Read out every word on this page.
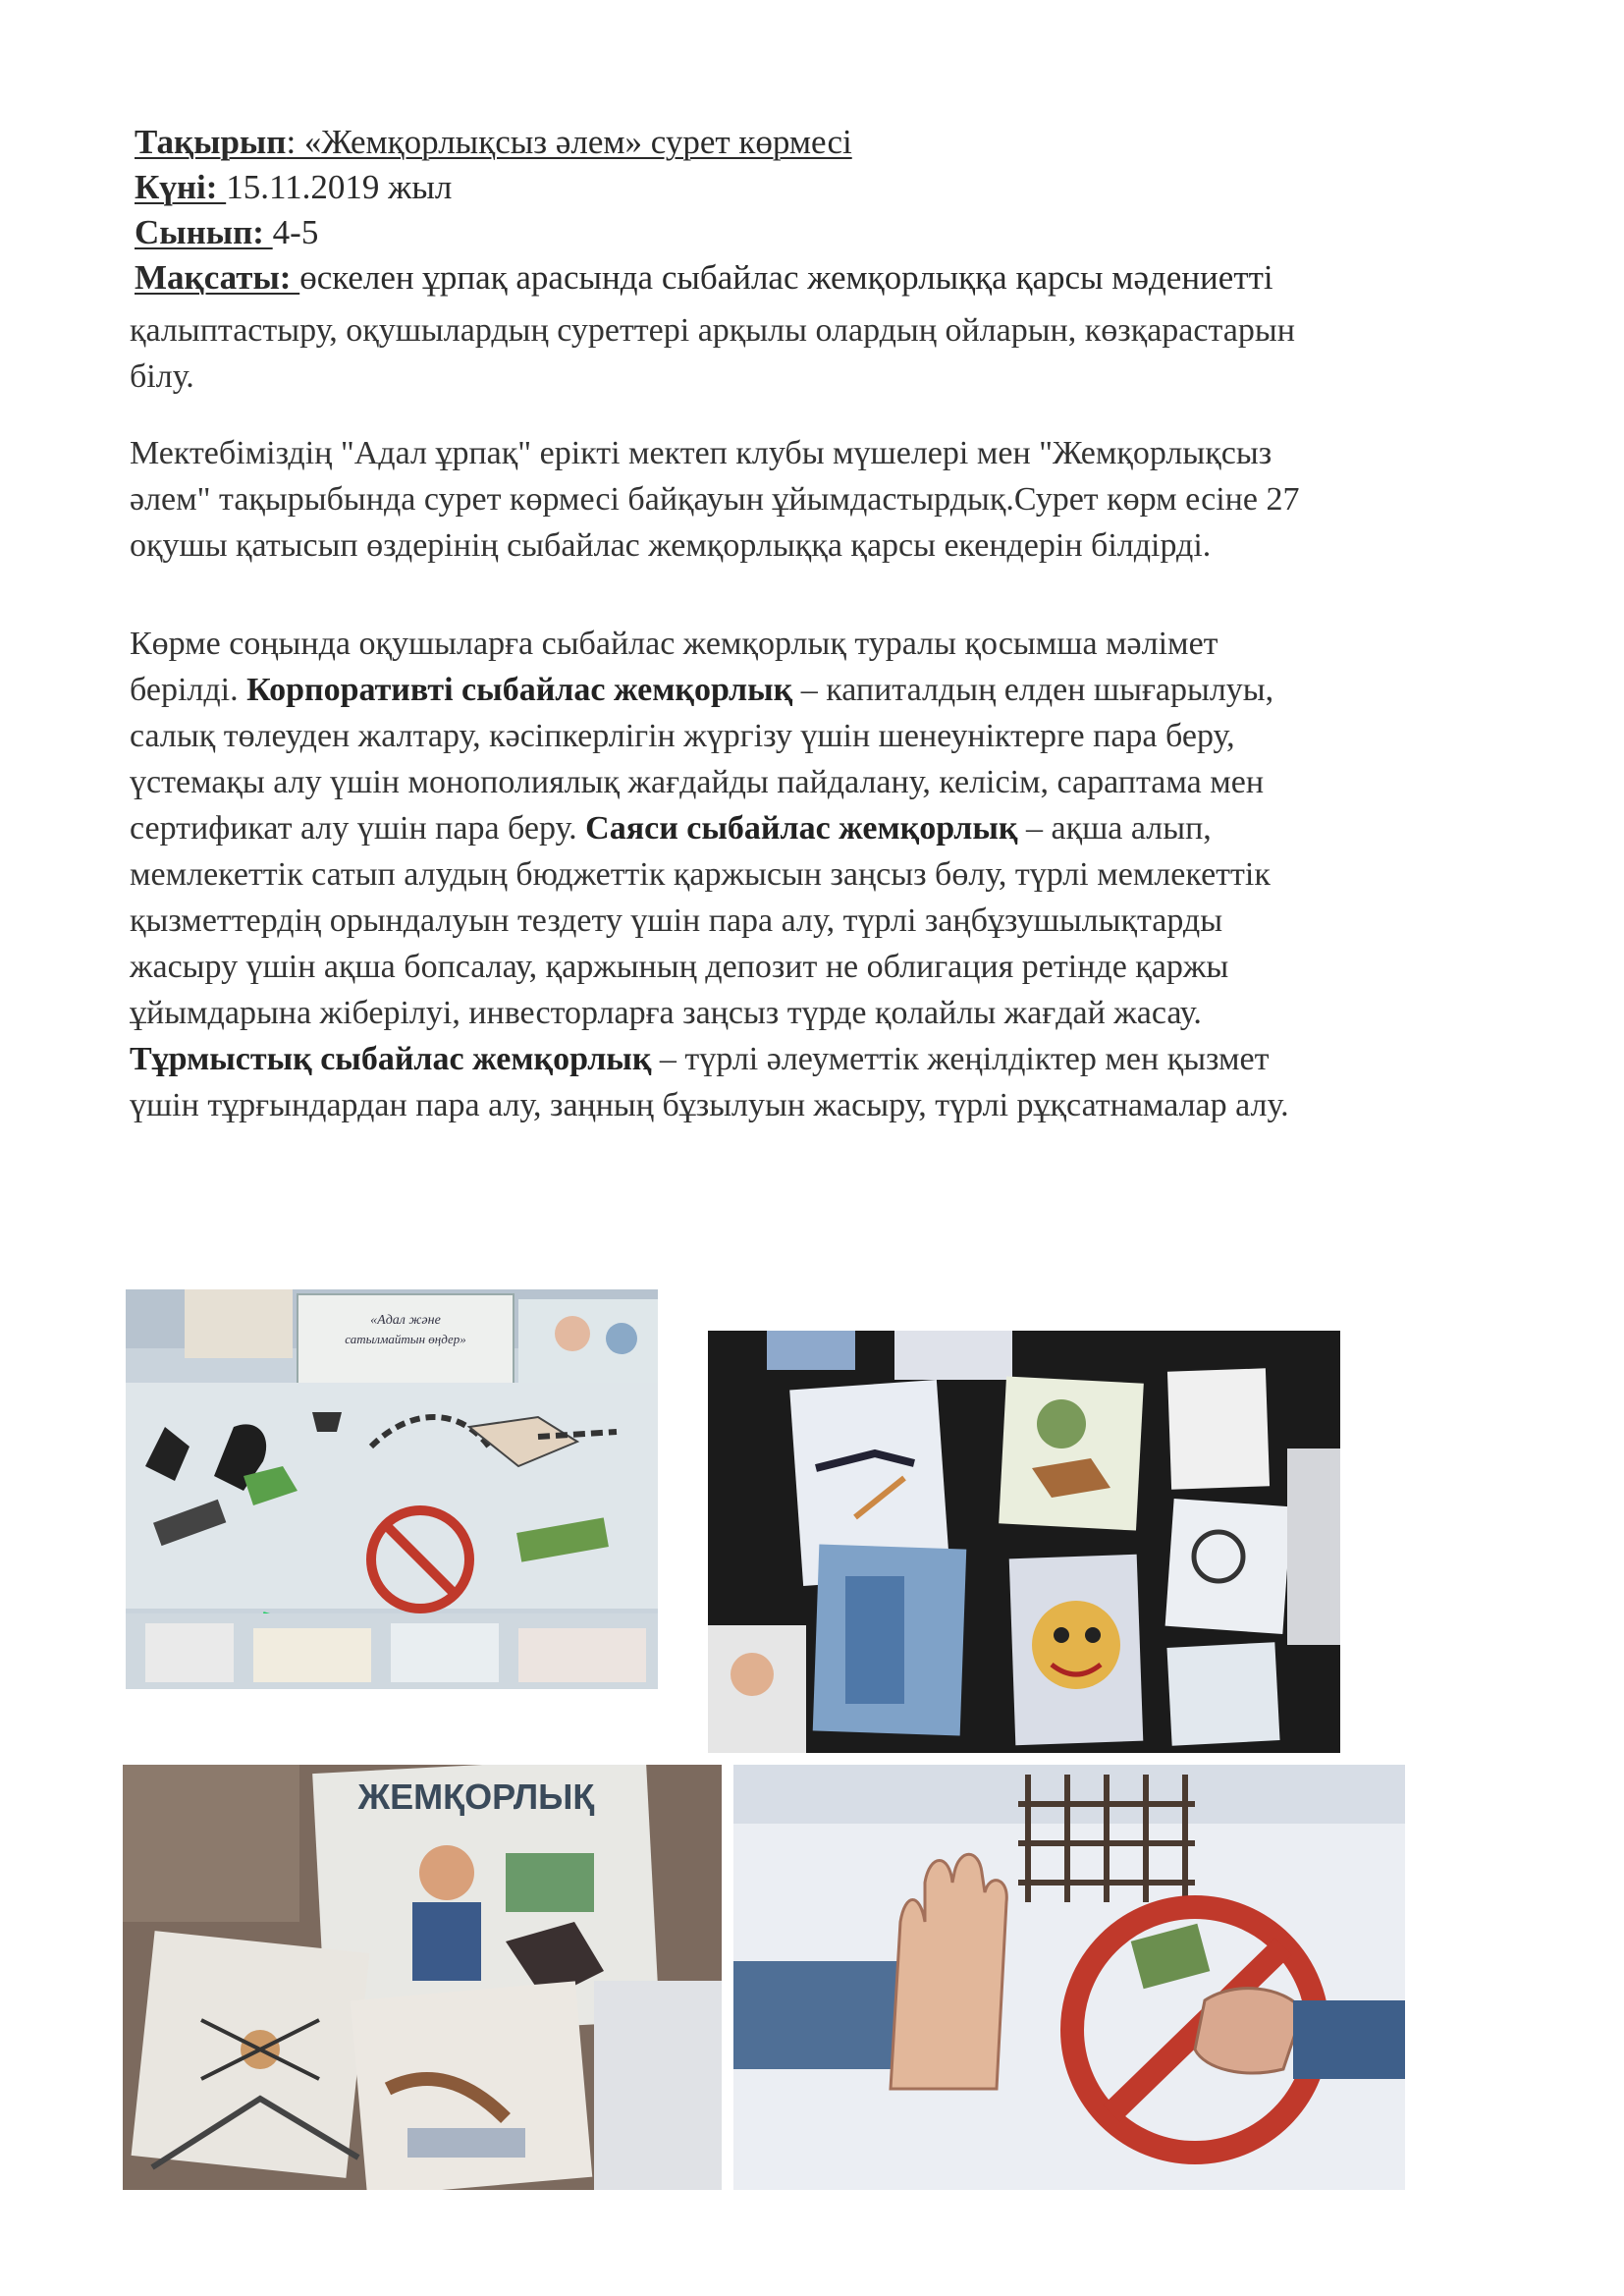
Тақырып: «Жемқорлықсыз әлем» сурет көрмесі
Күні: 15.11.2019 жыл
Сынып: 4-5
Мақсаты: өскелен ұрпақ арасында сыбайлас жемқорлыққа қарсы мәдениетті
қалыптастыру, оқушылардың суреттері арқылы олардың ойларын, көзқарастарын
білу.
Мектебіміздің "Адал ұрпақ" ерікті мектеп клубы мүшелері мен "Жемқорлықсыз
әлем" тақырыбында сурет көрмесі байқауын ұйымдастырдық.Сурет көрм есіне 27
оқушы қатысып өздерінің сыбайлас жемқорлыққа қарсы екендерін білдірді.
Көрме соңында оқушыларға сыбайлас жемқорлық туралы қосымша мәлімет
берілді. Корпоративті сыбайлас жемқорлық – капиталдың елден шығарылуы,
салық төлеуден жалтару, кәсіпкерлігін жүргізу үшін шенеуніктерге пара беру,
үстемақы алу үшін монополиялық жағдайды пайдалану, келісім, сараптама мен
сертификат алу үшін пара беру. Саяси сыбайлас жемқорлық – ақша алып,
мемлекеттік сатып алудың бюджеттік қаржысын заңсыз бөлу, түрлі мемлекеттік
қызметтердің орындалуын тездету үшін пара алу, түрлі заңбұзушылықтарды
жасыру үшін ақша бопсалау, қаржының депозит не облигация ретінде қаржы
ұйымдарына жіберілуі, инвесторларға заңсыз түрде қолайлы жағдай жасау.
Тұрмыстық сыбайлас жемқорлық – түрлі әлеуметтік жеңілдіктер мен қызмет
үшін тұрғындардан пара алу, заңның бұзылуын жасыру, түрлі рұқсатнамалар алу.
«Адал және
сатылмайтын өңдер»
ЖЕМҚОРЛЫҚ
